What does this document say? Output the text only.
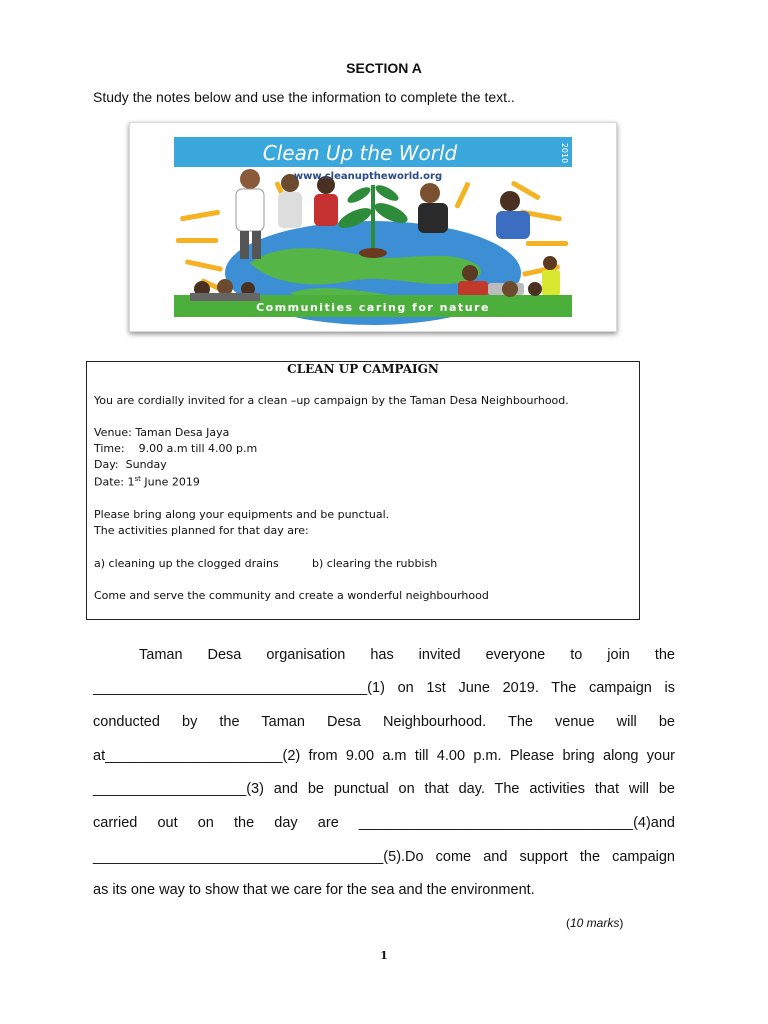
SECTION A
Study the notes below and use the information to complete the text..
Clean Up the World	2010
www.cleanuptheworld.org
Communities caring for nature
CLEAN UP CAMPAIGN
You are cordially invited for a clean –up campaign by the Taman Desa Neighbourhood.
Venue: Taman Desa Jaya
Time:    9.00 a.m till 4.00 p.m
Day:  Sunday
Date: 1st June 2019
Please bring along your equipments and be punctual.
The activities planned for that day are:
a) cleaning up the clogged drains	b) clearing the rubbish
Come and serve the community and create a wonderful neighbourhood
Taman Desa organisation has invited everyone to join the
__________________________________(1) on 1st June 2019. The campaign is
conducted by the Taman Desa Neighbourhood. The venue will be
at______________________(2) from 9.00 a.m till 4.00 p.m. Please bring along your
___________________(3) and be punctual on that day. The activities that will be
carried out on the day are __________________________________(4)and
____________________________________(5).Do come and support the campaign
as its one way to show that we care for the sea and the environment.
(10 marks)
1
